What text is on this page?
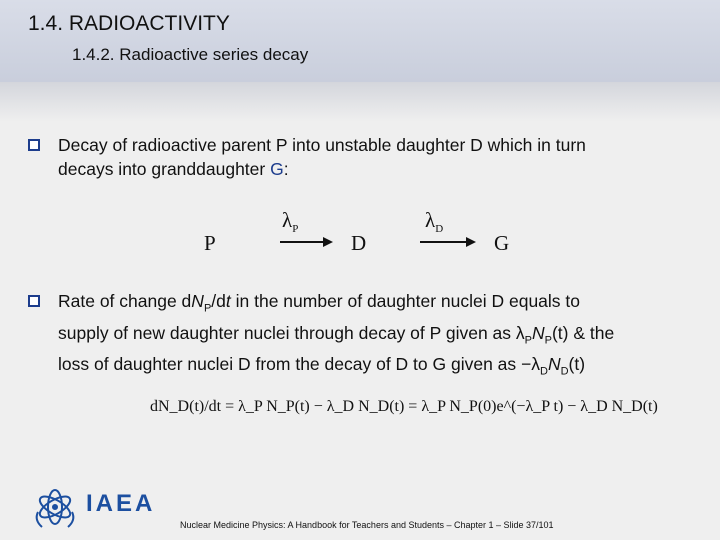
1.4. RADIOACTIVITY
1.4.2. Radioactive series decay
Decay of radioactive parent P into unstable daughter D which in turn
decays into granddaughter G:
P
$\lambda_P$
D
$\lambda_D$
G
Rate of change $dN_P/dt$ in the number of daughter nuclei D equals to
supply of new daughter nuclei through decay of P given as $\lambda_PN_P(t)$ & the
loss of daughter nuclei D from the decay of D to G given as $-\lambda_DN_D(t)$
dN_D(t)/dt = λ_P N_P(t) − λ_D N_D(t) = λ_P N_P(0)e^(−λ_P t) − λ_D N_D(t)
IAEA
Nuclear Medicine Physics: A Handbook for Teachers and Students – Chapter 1 – Slide 37/101
